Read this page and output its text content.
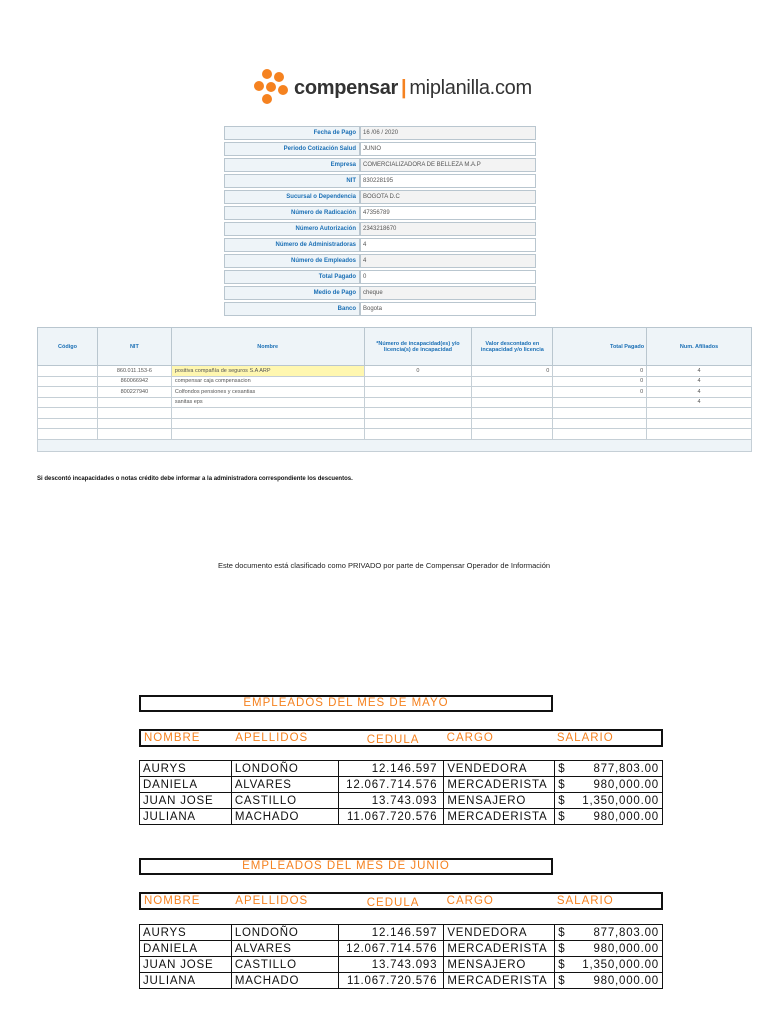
compensar | miplanilla.com
Fecha de Pago	16 /06 / 2020
Periodo Cotización Salud	JUNIO
Empresa	COMERCIALIZADORA DE BELLEZA M.A.P
NIT	830228195
Sucursal o Dependencia	BOGOTA D.C
Número de Radicación	47356789
Número Autorización	2343218670
Número de Administradoras	4
Número de Empleados	4
Total Pagado	0
Medio de Pago	cheque
Banco	Bogota
Código	NIT	Nombre	*Número de incapacidad(es) y/o licencia(s) de incapacidad	Valor descontado en incapacidad y/o licencia	Total Pagado	Num. Afiliados
	860.011.153-6	positiva compañía de seguros S.A ARP	0	0	0	4
	860066942	compensar caja compensacion			0	4
	800227940	Colfondos pensiones y cesantias			0	4
		sanitas eps				4

Si descontó incapacidades o notas crédito debe informar a la administradora correspondiente los descuentos.
Este documento está clasificado como PRIVADO por parte de Compensar Operador de Información
EMPLEADOS DEL MES DE MAYO
NOMBRE	APELLIDOS	CEDULA	CARGO	SALARIO
AURYS	LONDOÑO	12.146.597	VENDEDORA	$ 877,803.00
DANIELA	ALVARES	12.067.714.576	MERCADERISTA	$ 980,000.00
JUAN JOSE	CASTILLO	13.743.093	MENSAJERO	$ 1,350,000.00
JULIANA	MACHADO	11.067.720.576	MERCADERISTA	$ 980,000.00
EMPLEADOS DEL MES DE JUNIO
NOMBRE	APELLIDOS	CEDULA	CARGO	SALARIO
AURYS	LONDOÑO	12.146.597	VENDEDORA	$ 877,803.00
DANIELA	ALVARES	12.067.714.576	MERCADERISTA	$ 980,000.00
JUAN JOSE	CASTILLO	13.743.093	MENSAJERO	$ 1,350,000.00
JULIANA	MACHADO	11.067.720.576	MERCADERISTA	$ 980,000.00
